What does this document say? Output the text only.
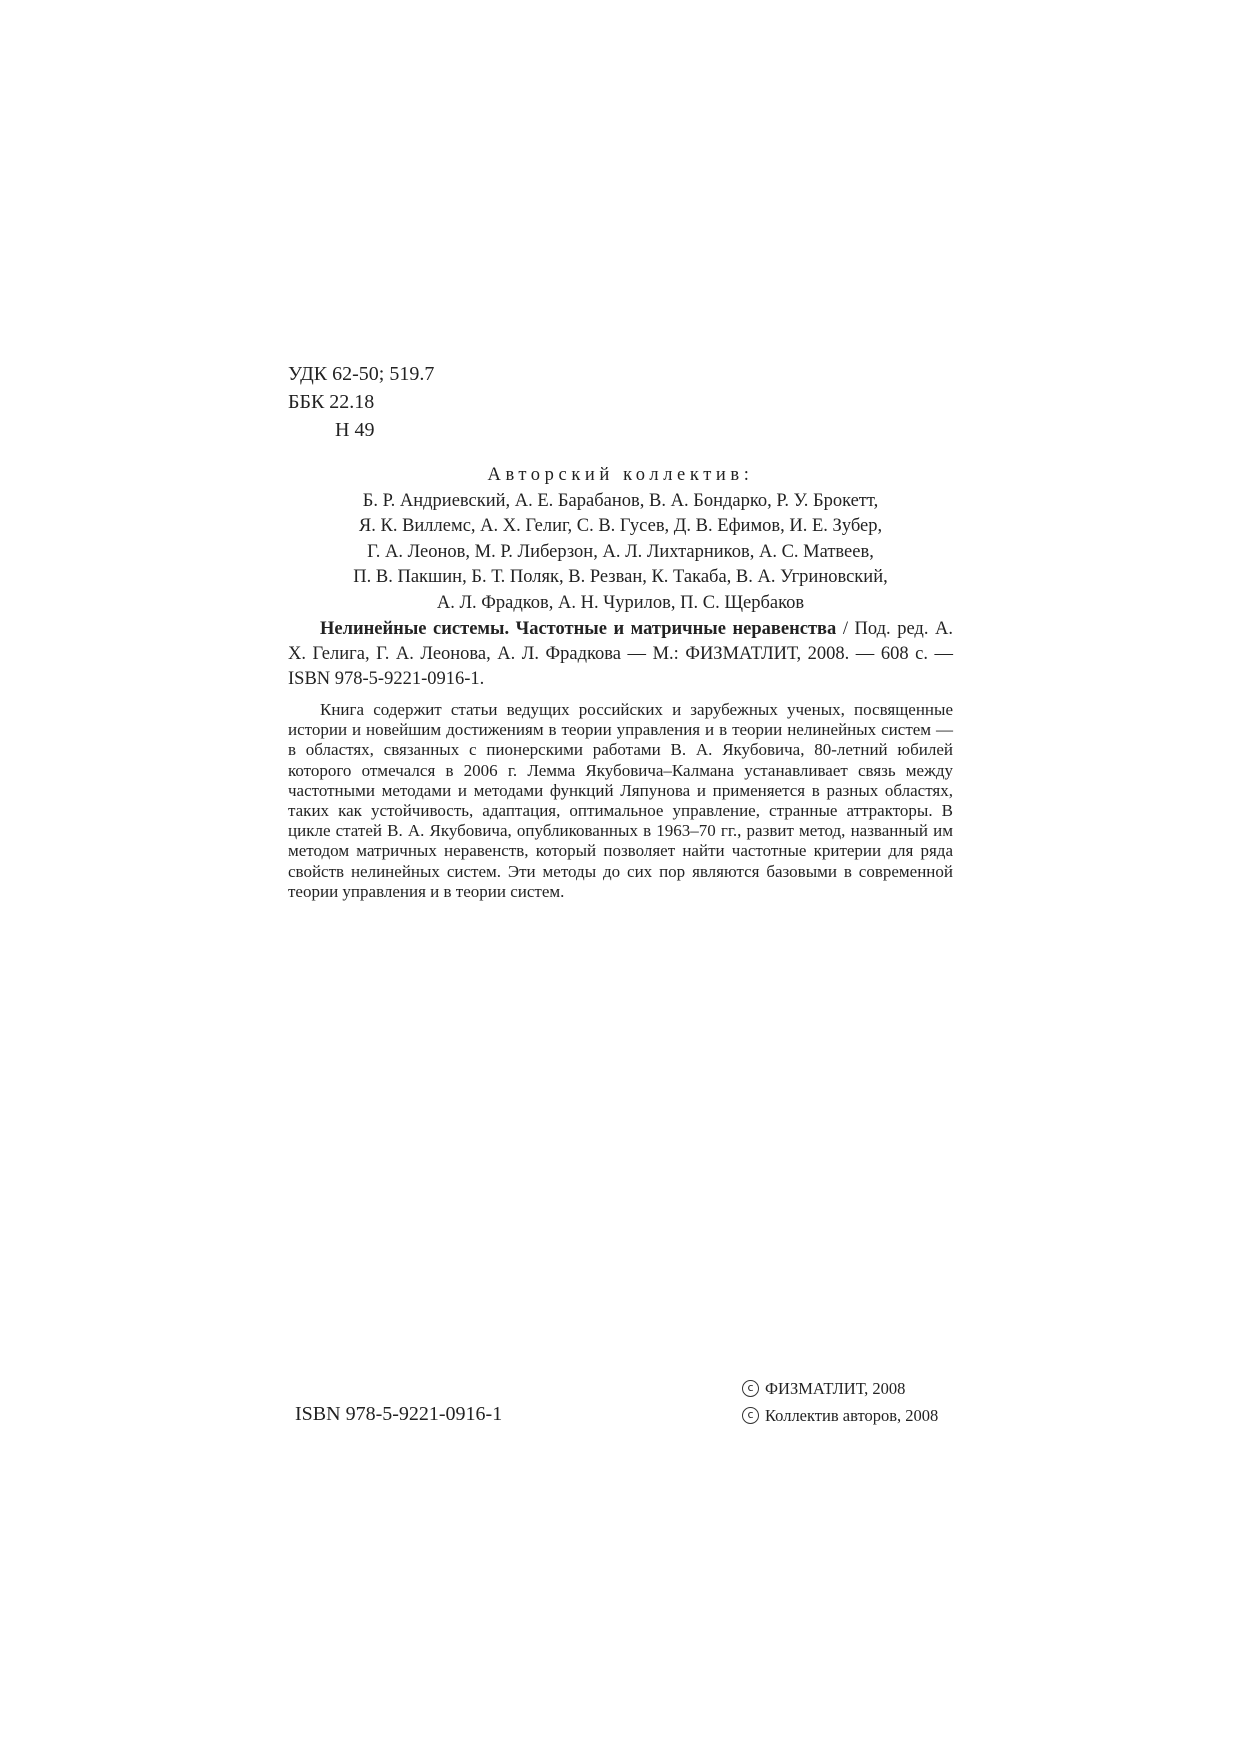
УДК 62-50; 519.7
ББК 22.18
Н 49
Авторский коллектив:
Б. Р. Андриевский, А. Е. Барабанов, В. А. Бондарко, Р. У. Брокетт,
Я. К. Виллемс, А. Х. Гелиг, С. В. Гусев, Д. В. Ефимов, И. Е. Зубер,
Г. А. Леонов, М. Р. Либерзон, А. Л. Лихтарников, А. С. Матвеев,
П. В. Пакшин, Б. Т. Поляк, В. Резван, К. Такаба, В. А. Угриновский,
А. Л. Фрадков, А. Н. Чурилов, П. С. Щербаков
Нелинейные системы. Частотные и матричные неравенства / Под. ред. А. Х. Гелига, Г. А. Леонова, А. Л. Фрадкова — М.: ФИЗМАТЛИТ, 2008. — 608 с. — ISBN 978-5-9221-0916-1.
Книга содержит статьи ведущих российских и зарубежных ученых, посвященные истории и новейшим достижениям в теории управления и в теории нелинейных систем — в областях, связанных с пионерскими работами В. А. Якубовича, 80-летний юбилей которого отмечался в 2006 г. Лемма Якубовича–Калмана устанавливает связь между частотными методами и методами функций Ляпунова и применяется в разных областях, таких как устойчивость, адаптация, оптимальное управление, странные аттракторы. В цикле статей В. А. Якубовича, опубликованных в 1963–70 гг., развит метод, названный им методом матричных неравенств, который позволяет найти частотные критерии для ряда свойств нелинейных систем. Эти методы до сих пор являются базовыми в современной теории управления и в теории систем.
ISBN 978-5-9221-0916-1
c ФИЗМАТЛИТ, 2008
c Коллектив авторов, 2008
